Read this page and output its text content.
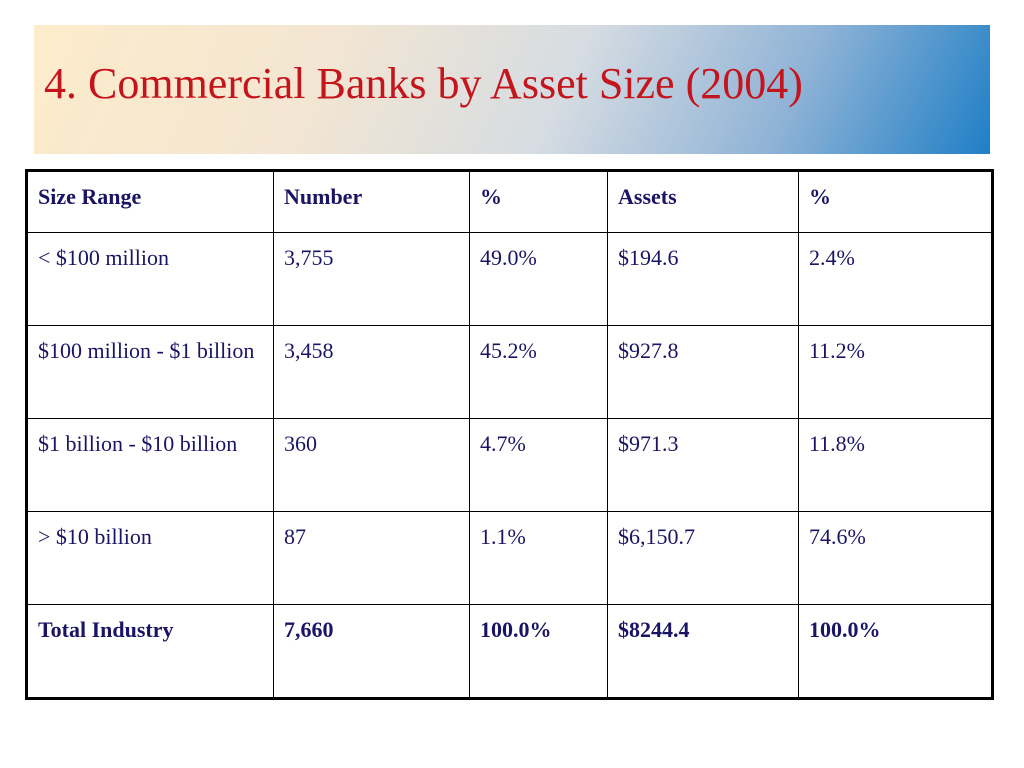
4. Commercial Banks by Asset Size (2004)
Size Range	Number	%	Assets	%
< $100 million	3,755	49.0%	$194.6	2.4%
$100 million - $1 billion	3,458	45.2%	$927.8	11.2%
$1 billion - $10 billion	360	4.7%	$971.3	11.8%
> $10 billion	87	1.1%	$6,150.7	74.6%
Total Industry	7,660	100.0%	$8244.4	100.0%
